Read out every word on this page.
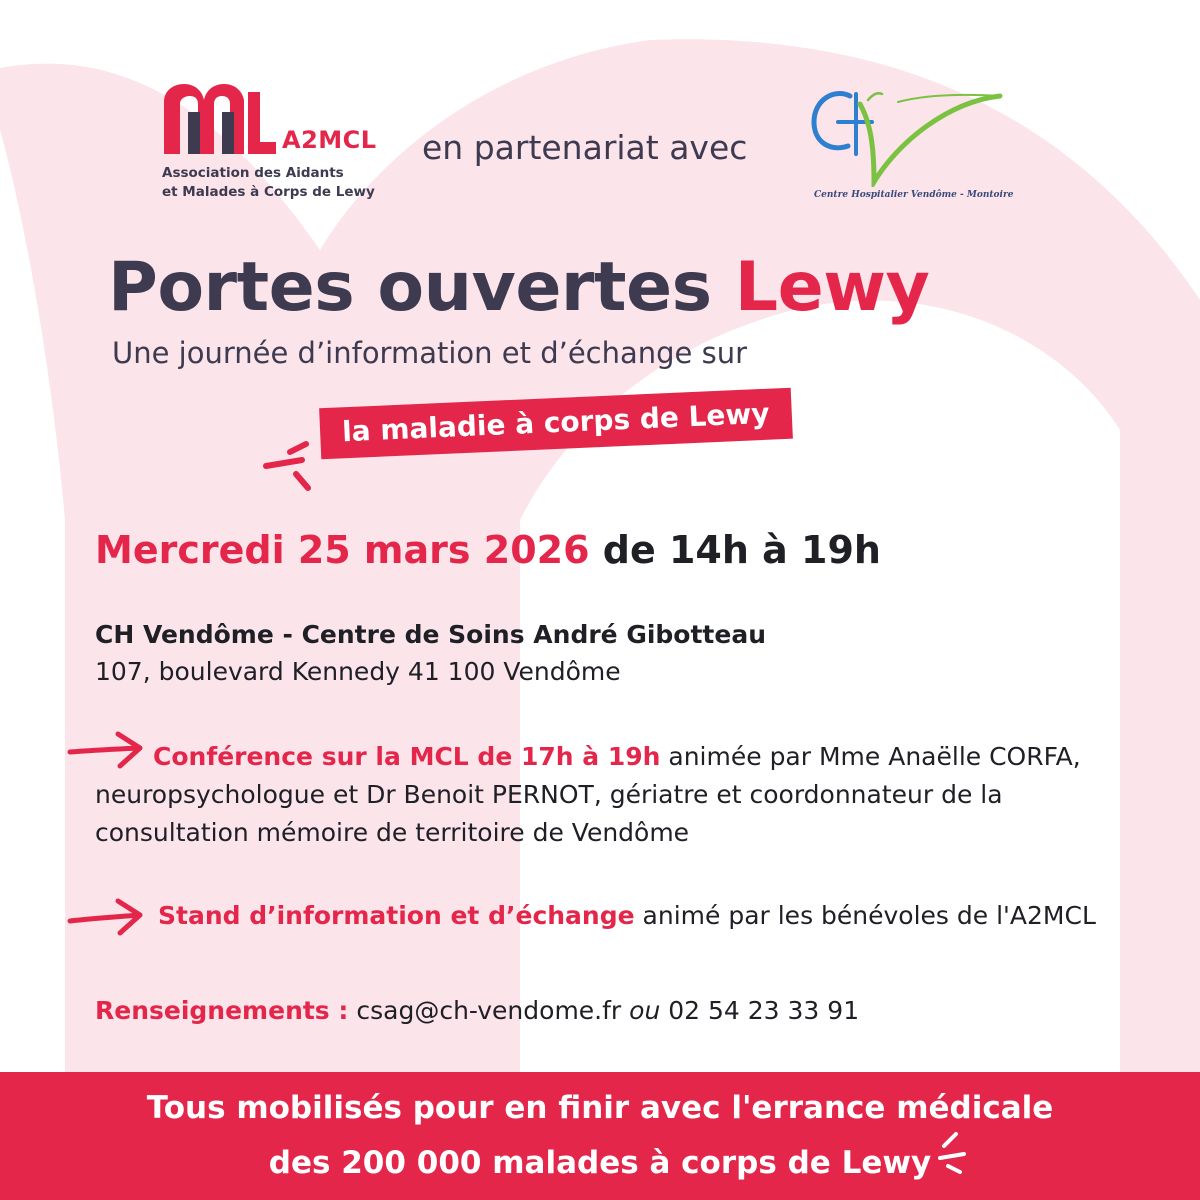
A2MCL
Association des Aidants
et Malades à Corps de Lewy
en partenariat avec
Centre Hospitalier Vendôme - Montoire
Portes ouvertes Lewy
Une journée d’information et d’échange sur
la maladie à corps de Lewy
Mercredi 25 mars 2026 de 14h à 19h
CH Vendôme - Centre de Soins André Gibotteau
107, boulevard Kennedy 41 100 Vendôme
Conférence sur la MCL de 17h à 19h animée par Mme Anaëlle CORFA, neuropsychologue et Dr Benoit PERNOT, gériatre et coordonnateur de la consultation mémoire de territoire de Vendôme
Stand d’information et d’échange animé par les bénévoles de l'A2MCL
Renseignements : csag@ch-vendome.fr ou 02 54 23 33 91
Tous mobilisés pour en finir avec l'errance médicale
des 200 000 malades à corps de Lewy
